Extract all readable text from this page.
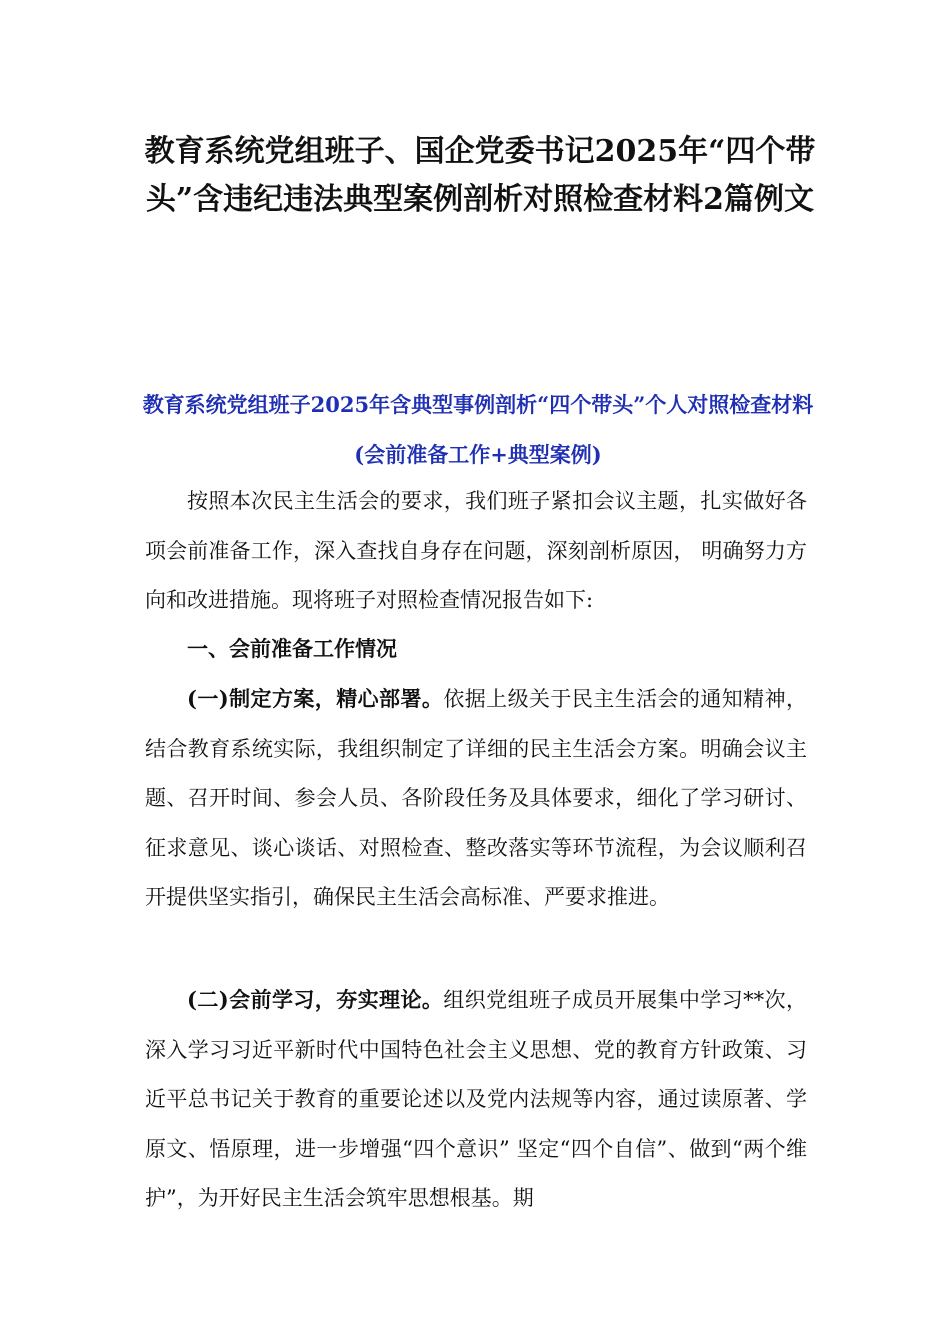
教育系统党组班子、国企党委书记2025年“四个带头”含违纪违法典型案例剖析对照检查材料2篇例文
教育系统党组班子2025年含典型事例剖析“四个带头”个人对照检查材料(会前准备工作+典型案例)

按照本次民主生活会的要求，我们班子紧扣会议主题，扎实做好各项会前准备工作，深入查找自身存在问题，深刻剖析原因， 明确努力方向和改进措施。现将班子对照检查情况报告如下:

一、会前准备工作情况

(一)制定方案，精心部署。依据上级关于民主生活会的通知精神，结合教育系统实际，我组织制定了详细的民主生活会方案。明确会议主题、召开时间、参会人员、各阶段任务及具体要求，细化了学习研讨、征求意见、谈心谈话、对照检查、整改落实等环节流程，为会议顺利召开提供坚实指引，确保民主生活会高标准、严要求推进。

(二)会前学习，夯实理论。组织党组班子成员开展集中学习**次，深入学习习近平新时代中国特色社会主义思想、党的教育方针政策、习近平总书记关于教育的重要论述以及党内法规等内容，通过读原著、学原文、悟原理，进一步增强“四个意识” 坚定“四个自信”、做到“两个维护”，为开好民主生活会筑牢思想根基。期
